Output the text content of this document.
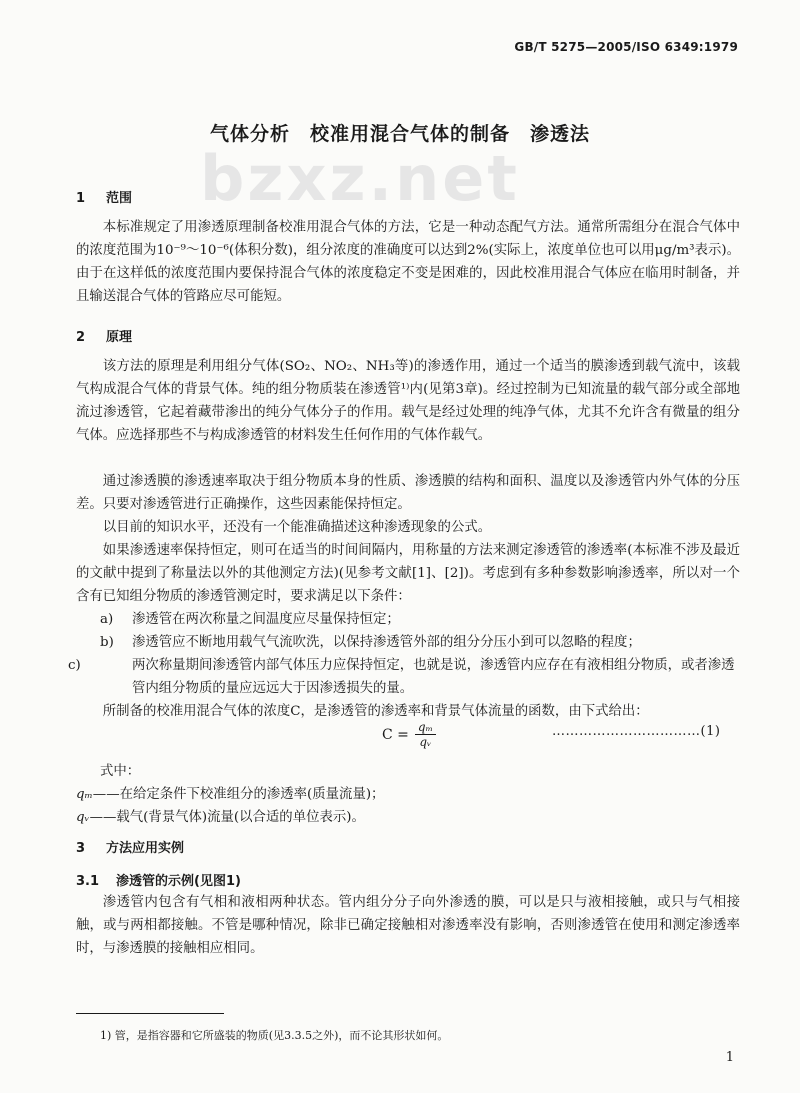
GB/T 5275—2005/ISO 6349:1979
bzxz.net
气体分析　校准用混合气体的制备　渗透法
1 范围
本标准规定了用渗透原理制备校准用混合气体的方法，它是一种动态配气方法。通常所需组分在混合气体中的浓度范围为10⁻⁹～10⁻⁶(体积分数)，组分浓度的准确度可以达到2%(实际上，浓度单位也可以用μg/m³表示)。由于在这样低的浓度范围内要保持混合气体的浓度稳定不变是困难的，因此校准用混合气体应在临用时制备，并且输送混合气体的管路应尽可能短。
2 原理
该方法的原理是利用组分气体(SO₂、NO₂、NH₃等)的渗透作用，通过一个适当的膜渗透到载气流中，该载气构成混合气体的背景气体。纯的组分物质装在渗透管¹⁾内(见第3章)。经过控制为已知流量的载气部分或全部地流过渗透管，它起着藏带渗出的纯分气体分子的作用。载气是经过处理的纯净气体，尤其不允许含有微量的组分气体。应选择那些不与构成渗透管的材料发生任何作用的气体作载气。
通过渗透膜的渗透速率取决于组分物质本身的性质、渗透膜的结构和面积、温度以及渗透管内外气体的分压差。只要对渗透管进行正确操作，这些因素能保持恒定。
以目前的知识水平，还没有一个能准确描述这种渗透现象的公式。
如果渗透速率保持恒定，则可在适当的时间间隔内，用称量的方法来测定渗透管的渗透率(本标准不涉及最近的文献中提到了称量法以外的其他测定方法)(见参考文献[1]、[2])。考虑到有多种参数影响渗透率，所以对一个含有已知组分物质的渗透管测定时，要求满足以下条件：
a) 渗透管在两次称量之间温度应尽量保持恒定；
b) 渗透管应不断地用载气气流吹洗，以保持渗透管外部的组分分压小到可以忽略的程度；
c)	两次称量期间渗透管内部气体压力应保持恒定，也就是说，渗透管内应存在有液相组分物质，或者渗透管内组分物质的量应远远大于因渗透损失的量。
所制备的校准用混合气体的浓度C，是渗透管的渗透率和背景气体流量的函数，由下式给出：
$C = \frac{\text{qₘ}}{\text{qᵥ}}$	……………………………(1)
式中：
qₘ——在给定条件下校准组分的渗透率(质量流量)；
qᵥ——载气(背景气体)流量(以合适的单位表示)。
3 方法应用实例
3.1 渗透管的示例(见图1)
渗透管内包含有气相和液相两种状态。管内组分分子向外渗透的膜，可以是只与液相接触，或只与气相接触，或与两相都接触。不管是哪种情况，除非已确定接触相对渗透率没有影响，否则渗透管在使用和测定渗透率时，与渗透膜的接触相应相同。
1) 管，是指容器和它所盛装的物质(见3.3.5之外)，而不论其形状如何。
1
